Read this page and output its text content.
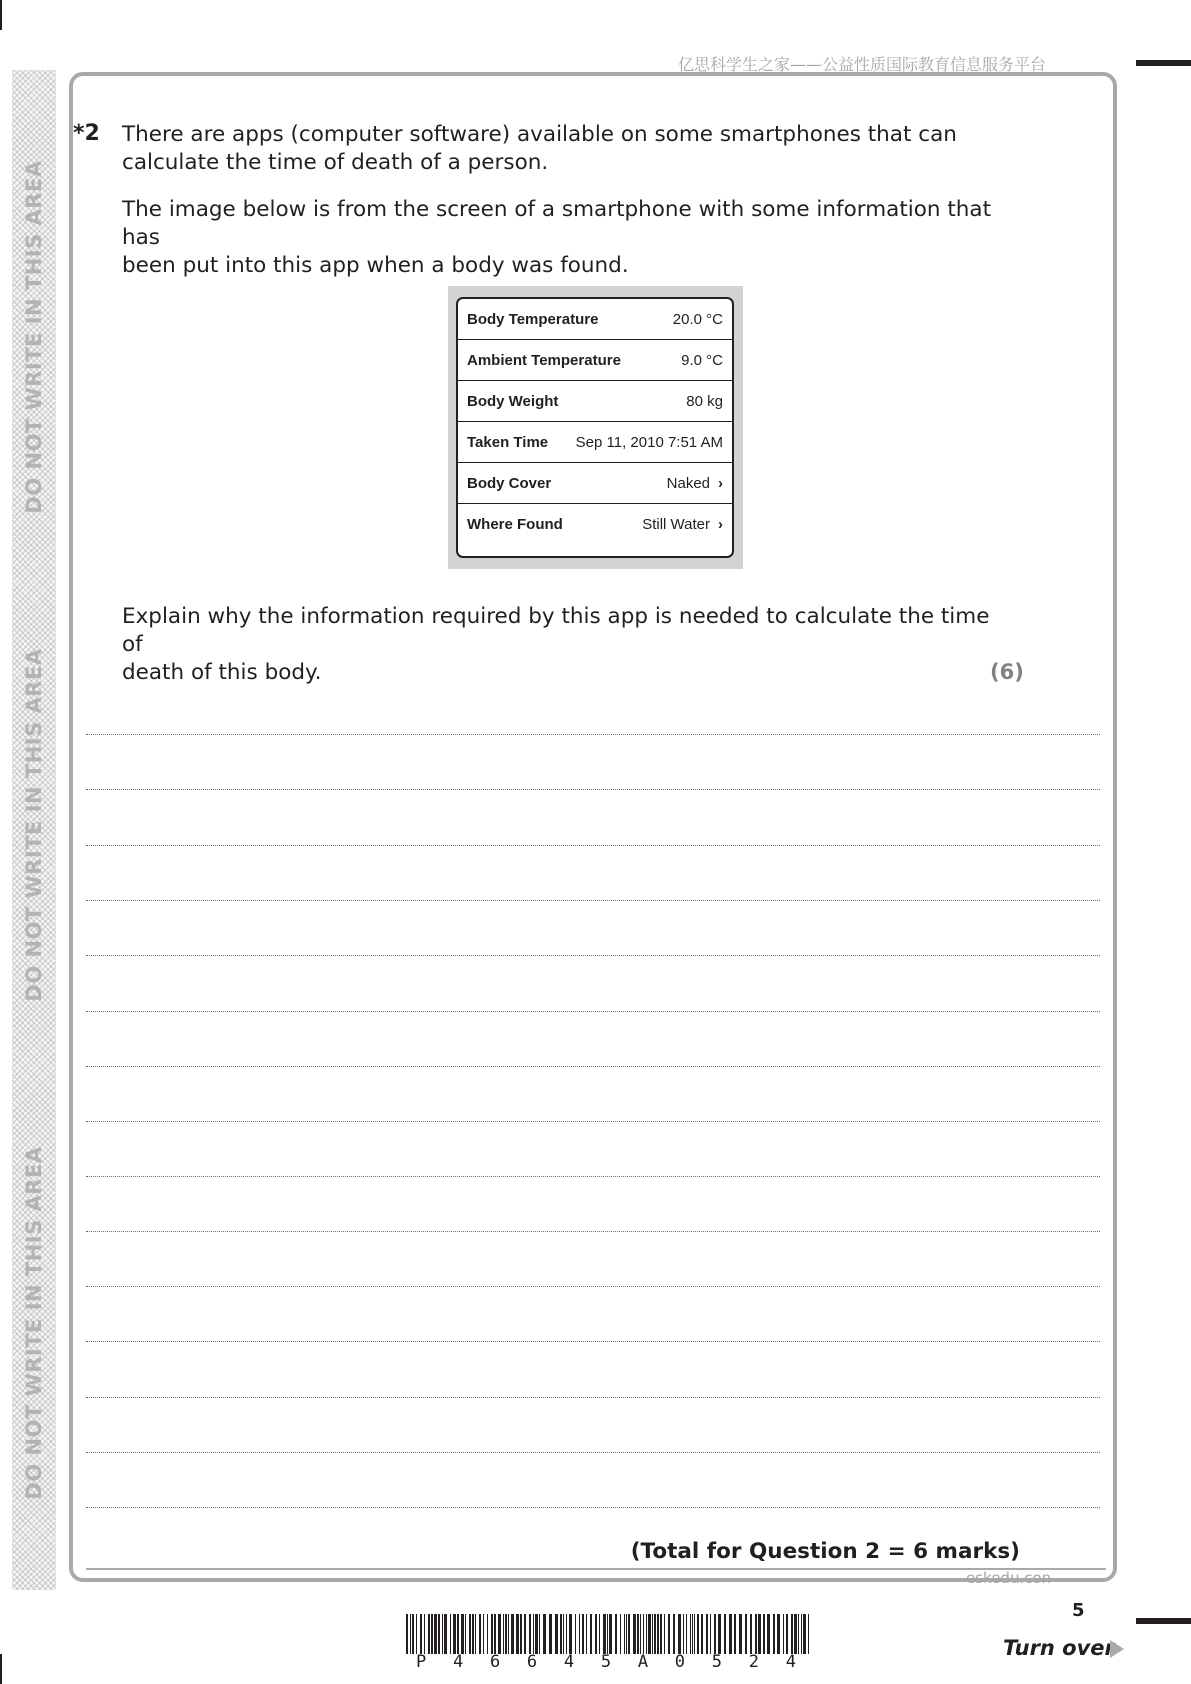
DO NOT WRITE IN THIS AREA
DO NOT WRITE IN THIS AREA
DO NOT WRITE IN THIS AREA
亿思科学生之家——公益性质国际教育信息服务平台
*2 There are apps (computer software) available on some smartphones that can
calculate the time of death of a person.
The image below is from the screen of a smartphone with some information that has
been put into this app when a body was found.
Body Temperature	20.0 °C
Ambient Temperature	9.0 °C
Body Weight	80 kg
Taken Time Sep 11, 2010 7:51 AM
Body Cover	Naked ›
Where Found	Still Water ›
Explain why the information required by this app is needed to calculate the time of
death of this body.	(6)
(Total for Question 2 = 6 marks)
eskedu.con
5
P 4 6 6 4 5 A 0 5 2 4
Turn over
